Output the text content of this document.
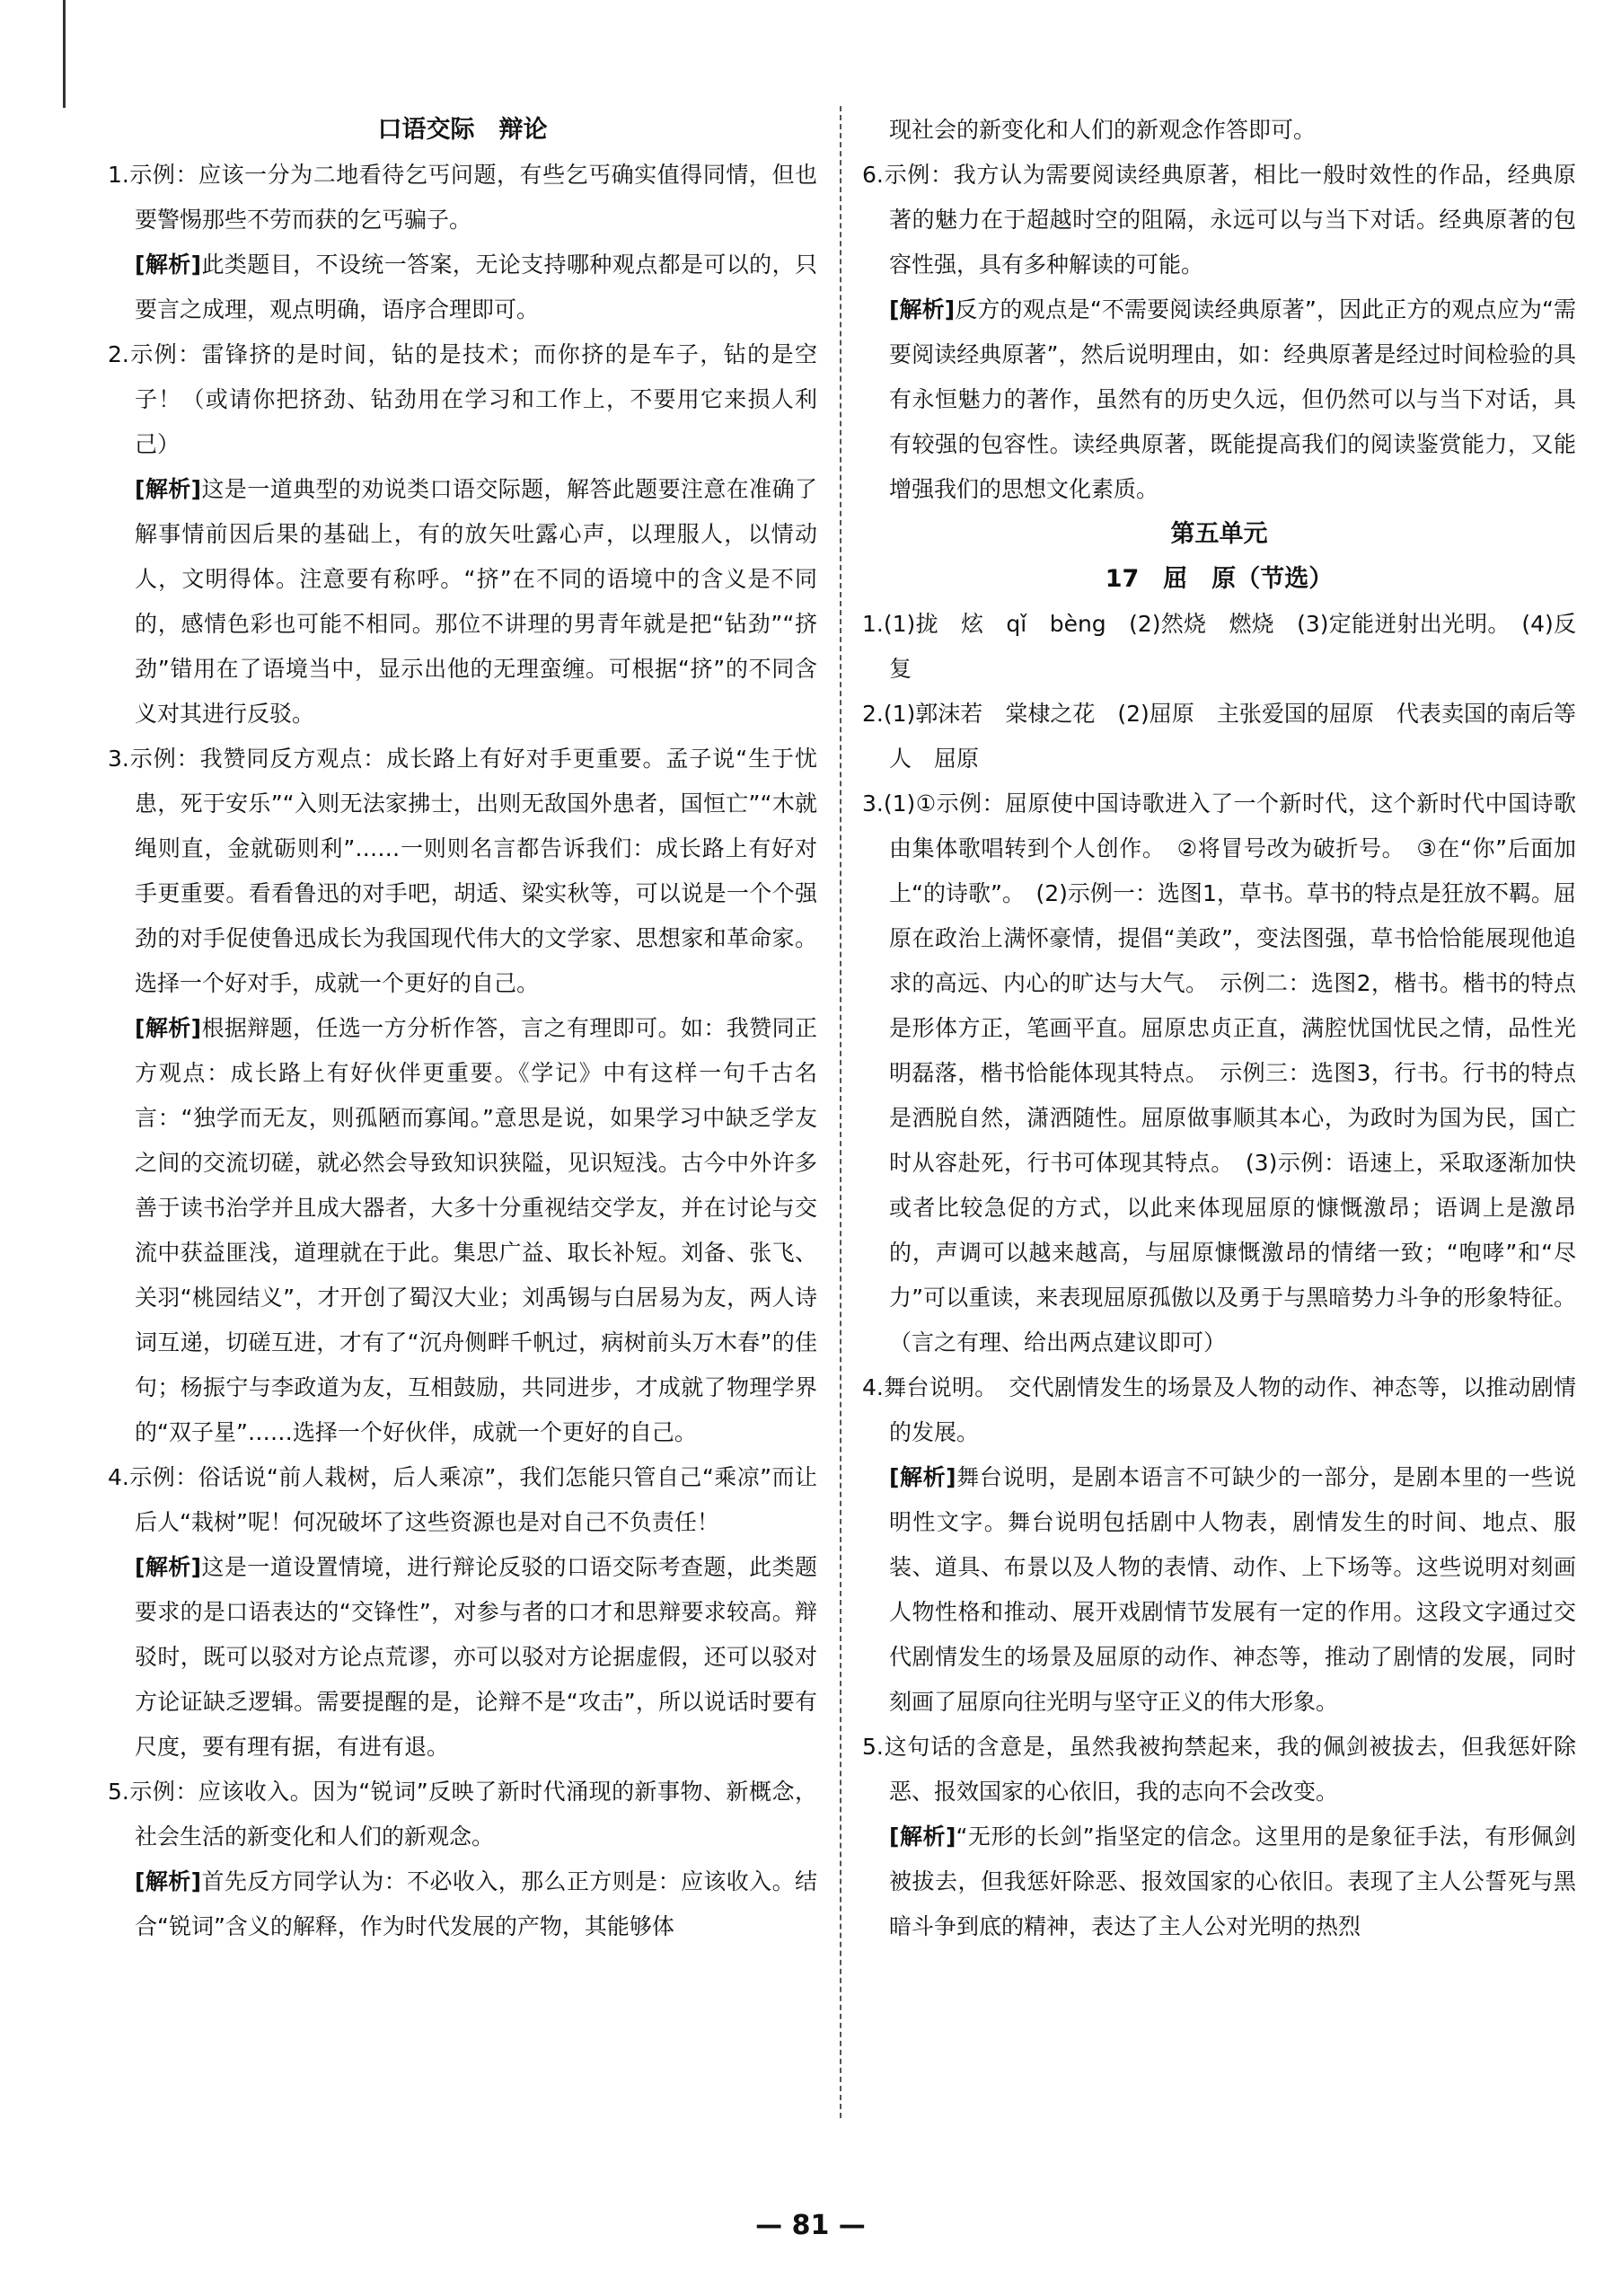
口语交际　辩论

1.示例：应该一分为二地看待乞丐问题，有些乞丐确实值得同情，但也要警惕那些不劳而获的乞丐骗子。

[解析]此类题目，不设统一答案，无论支持哪种观点都是可以的，只要言之成理，观点明确，语序合理即可。

2.示例：雷锋挤的是时间，钻的是技术；而你挤的是车子，钻的是空子！（或请你把挤劲、钻劲用在学习和工作上，不要用它来损人利己）

[解析]这是一道典型的劝说类口语交际题，解答此题要注意在准确了解事情前因后果的基础上，有的放矢吐露心声，以理服人，以情动人，文明得体。注意要有称呼。“挤”在不同的语境中的含义是不同的，感情色彩也可能不相同。那位不讲理的男青年就是把“钻劲”“挤劲”错用在了语境当中，显示出他的无理蛮缠。可根据“挤”的不同含义对其进行反驳。

3.示例：我赞同反方观点：成长路上有好对手更重要。孟子说“生于忧患，死于安乐”“入则无法家拂士，出则无敌国外患者，国恒亡”“木就绳则直，金就砺则利”……一则则名言都告诉我们：成长路上有好对手更重要。看看鲁迅的对手吧，胡适、梁实秋等，可以说是一个个强劲的对手促使鲁迅成长为我国现代伟大的文学家、思想家和革命家。选择一个好对手，成就一个更好的自己。

[解析]根据辩题，任选一方分析作答，言之有理即可。如：我赞同正方观点：成长路上有好伙伴更重要。《学记》中有这样一句千古名言：“独学而无友，则孤陋而寡闻。”意思是说，如果学习中缺乏学友之间的交流切磋，就必然会导致知识狭隘，见识短浅。古今中外许多善于读书治学并且成大器者，大多十分重视结交学友，并在讨论与交流中获益匪浅，道理就在于此。集思广益、取长补短。刘备、张飞、关羽“桃园结义”，才开创了蜀汉大业；刘禹锡与白居易为友，两人诗词互递，切磋互进，才有了“沉舟侧畔千帆过，病树前头万木春”的佳句；杨振宁与李政道为友，互相鼓励，共同进步，才成就了物理学界的“双子星”……选择一个好伙伴，成就一个更好的自己。

4.示例：俗话说“前人栽树，后人乘凉”，我们怎能只管自己“乘凉”而让后人“栽树”呢！何况破坏了这些资源也是对自己不负责任！

[解析]这是一道设置情境，进行辩论反驳的口语交际考查题，此类题要求的是口语表达的“交锋性”，对参与者的口才和思辩要求较高。辩驳时，既可以驳对方论点荒谬，亦可以驳对方论据虚假，还可以驳对方论证缺乏逻辑。需要提醒的是，论辩不是“攻击”，所以说话时要有尺度，要有理有据，有进有退。

5.示例：应该收入。因为“锐词”反映了新时代涌现的新事物、新概念，社会生活的新变化和人们的新观念。

[解析]首先反方同学认为：不必收入，那么正方则是：应该收入。结合“锐词”含义的解释，作为时代发展的产物，其能够体

现社会的新变化和人们的新观念作答即可。

6.示例：我方认为需要阅读经典原著，相比一般时效性的作品，经典原著的魅力在于超越时空的阻隔，永远可以与当下对话。经典原著的包容性强，具有多种解读的可能。

[解析]反方的观点是“不需要阅读经典原著”，因此正方的观点应为“需要阅读经典原著”，然后说明理由，如：经典原著是经过时间检验的具有永恒魅力的著作，虽然有的历史久远，但仍然可以与当下对话，具有较强的包容性。读经典原著，既能提高我们的阅读鉴赏能力，又能增强我们的思想文化素质。

第五单元

17　屈　原（节选）

1.(1)拢　炫　qǐ　bèng　(2)然烧　燃烧　(3)定能迸射出光明。　(4)反复

2.(1)郭沫若　棠棣之花　(2)屈原　主张爱国的屈原　代表卖国的南后等人　屈原

3.(1)①示例：屈原使中国诗歌进入了一个新时代，这个新时代中国诗歌由集体歌唱转到个人创作。　②将冒号改为破折号。　③在“你”后面加上“的诗歌”。　(2)示例一：选图1，草书。草书的特点是狂放不羁。屈原在政治上满怀豪情，提倡“美政”，变法图强，草书恰恰能展现他追求的高远、内心的旷达与大气。　示例二：选图2，楷书。楷书的特点是形体方正，笔画平直。屈原忠贞正直，满腔忧国忧民之情，品性光明磊落，楷书恰能体现其特点。　示例三：选图3，行书。行书的特点是洒脱自然，潇洒随性。屈原做事顺其本心，为政时为国为民，国亡时从容赴死，行书可体现其特点。　(3)示例：语速上，采取逐渐加快或者比较急促的方式，以此来体现屈原的慷慨激昂；语调上是激昂的，声调可以越来越高，与屈原慷慨激昂的情绪一致；“咆哮”和“尽力”可以重读，来表现屈原孤傲以及勇于与黑暗势力斗争的形象特征。（言之有理、给出两点建议即可）

4.舞台说明。　交代剧情发生的场景及人物的动作、神态等，以推动剧情的发展。

[解析]舞台说明，是剧本语言不可缺少的一部分，是剧本里的一些说明性文字。舞台说明包括剧中人物表，剧情发生的时间、地点、服装、道具、布景以及人物的表情、动作、上下场等。这些说明对刻画人物性格和推动、展开戏剧情节发展有一定的作用。这段文字通过交代剧情发生的场景及屈原的动作、神态等，推动了剧情的发展，同时刻画了屈原向往光明与坚守正义的伟大形象。

5.这句话的含意是，虽然我被拘禁起来，我的佩剑被拔去，但我惩奸除恶、报效国家的心依旧，我的志向不会改变。

[解析]“无形的长剑”指坚定的信念。这里用的是象征手法，有形佩剑被拔去，但我惩奸除恶、报效国家的心依旧。表现了主人公誓死与黑暗斗争到底的精神，表达了主人公对光明的热烈

— 81 —
